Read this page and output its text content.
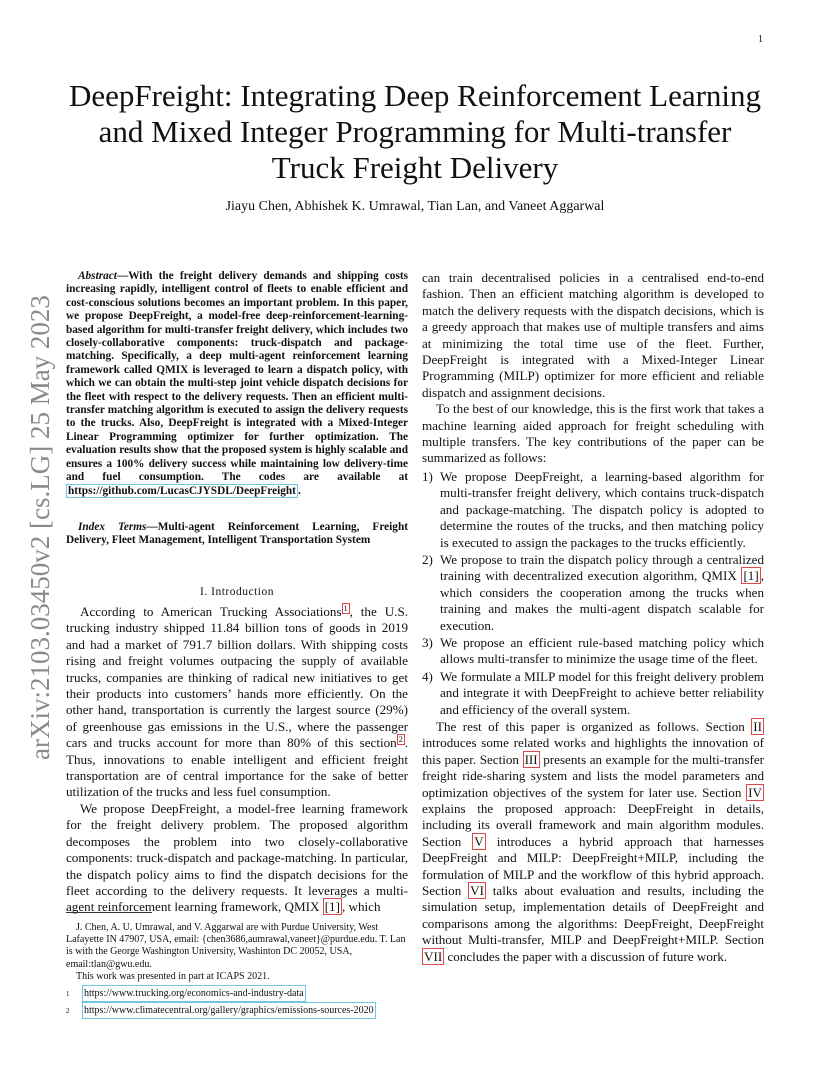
1
DeepFreight: Integrating Deep Reinforcement Learning and Mixed Integer Programming for Multi-transfer Truck Freight Delivery
Jiayu Chen, Abhishek K. Umrawal, Tian Lan, and Vaneet Aggarwal
arXiv:2103.03450v2 [cs.LG] 25 May 2023
Abstract—With the freight delivery demands and shipping costs increasing rapidly, intelligent control of fleets to enable efficient and cost-conscious solutions becomes an important problem. In this paper, we propose DeepFreight, a model-free deep-reinforcement-learning-based algorithm for multi-transfer freight delivery, which includes two closely-collaborative components: truck-dispatch and package-matching. Specifically, a deep multi-agent reinforcement learning framework called QMIX is leveraged to learn a dispatch policy, with which we can obtain the multi-step joint vehicle dispatch decisions for the fleet with respect to the delivery requests. Then an efficient multi-transfer matching algorithm is executed to assign the delivery requests to the trucks. Also, DeepFreight is integrated with a Mixed-Integer Linear Programming optimizer for further optimization. The evaluation results show that the proposed system is highly scalable and ensures a 100% delivery success while maintaining low delivery-time and fuel consumption. The codes are available at https://github.com/LucasCJYSDL/DeepFreight .
Index Terms—Multi-agent Reinforcement Learning, Freight Delivery, Fleet Management, Intelligent Transportation System
I. Introduction

According to American Trucking Associations $^1$ , the U.S. trucking industry shipped 11.84 billion tons of goods in 2019 and had a market of 791.7 billion dollars. With shipping costs rising and freight volumes outpacing the supply of available trucks, companies are thinking of radical new initiatives to get their products into customers’ hands more efficiently. On the other hand, transportation is currently the largest source (29%) of greenhouse gas emissions in the U.S., where the passenger cars and trucks account for more than 80% of this section $^2$ . Thus, innovations to enable intelligent and efficient freight transportation are of central importance for the sake of better utilization of the trucks and less fuel consumption.

We propose DeepFreight, a model-free learning framework for the freight delivery problem. The proposed algorithm decomposes the problem into two closely-collaborative components: truck-dispatch and package-matching. In particular, the dispatch policy aims to find the dispatch decisions for the fleet according to the delivery requests. It leverages a multi-agent reinforcement learning framework, QMIX [1] , which

J. Chen, A. U. Umrawal, and V. Aggarwal are with Purdue University, West Lafayette IN 47907, USA, email: {chen3686,aumrawal,vaneet}@purdue.edu. T. Lan is with the George Washington University, Washinton DC 20052, USA, email:tlan@gwu.edu.

This work was presented in part at ICAPS 2021.

1	https://www.trucking.org/economics-and-industry-data
2	https://www.climatecentral.org/gallery/graphics/emissions-sources-2020

can train decentralised policies in a centralised end-to-end fashion. Then an efficient matching algorithm is developed to match the delivery requests with the dispatch decisions, which is a greedy approach that makes use of multiple transfers and aims at minimizing the total time use of the fleet. Further, DeepFreight is integrated with a Mixed-Integer Linear Programming (MILP) optimizer for more efficient and reliable dispatch and assignment decisions.

To the best of our knowledge, this is the first work that takes a machine learning aided approach for freight scheduling with multiple transfers. The key contributions of the paper can be summarized as follows:

1) We propose DeepFreight, a learning-based algorithm for multi-transfer freight delivery, which contains truck-dispatch and package-matching. The dispatch policy is adopted to determine the routes of the trucks, and then matching policy is executed to assign the packages to the trucks efficiently.
2) We propose to train the dispatch policy through a centralized training with decentralized execution algorithm, QMIX [1] , which considers the cooperation among the trucks when training and makes the multi-agent dispatch scalable for execution.
3) We propose an efficient rule-based matching policy which allows multi-transfer to minimize the usage time of the fleet.
4) We formulate a MILP model for this freight delivery problem and integrate it with DeepFreight to achieve better reliability and efficiency of the overall system.

The rest of this paper is organized as follows. Section II introduces some related works and highlights the innovation of this paper. Section III presents an example for the multi-transfer freight ride-sharing system and lists the model parameters and optimization objectives of the system for later use. Section IV explains the proposed approach: DeepFreight in details, including its overall framework and main algorithm modules. Section V introduces a hybrid approach that harnesses DeepFreight and MILP: DeepFreight+MILP, including the formulation of MILP and the workflow of this hybrid approach. Section VI talks about evaluation and results, including the simulation setup, implementation details of DeepFreight and comparisons among the algorithms: DeepFreight, DeepFreight without Multi-transfer, MILP and DeepFreight+MILP. Section VII concludes the paper with a discussion of future work.
